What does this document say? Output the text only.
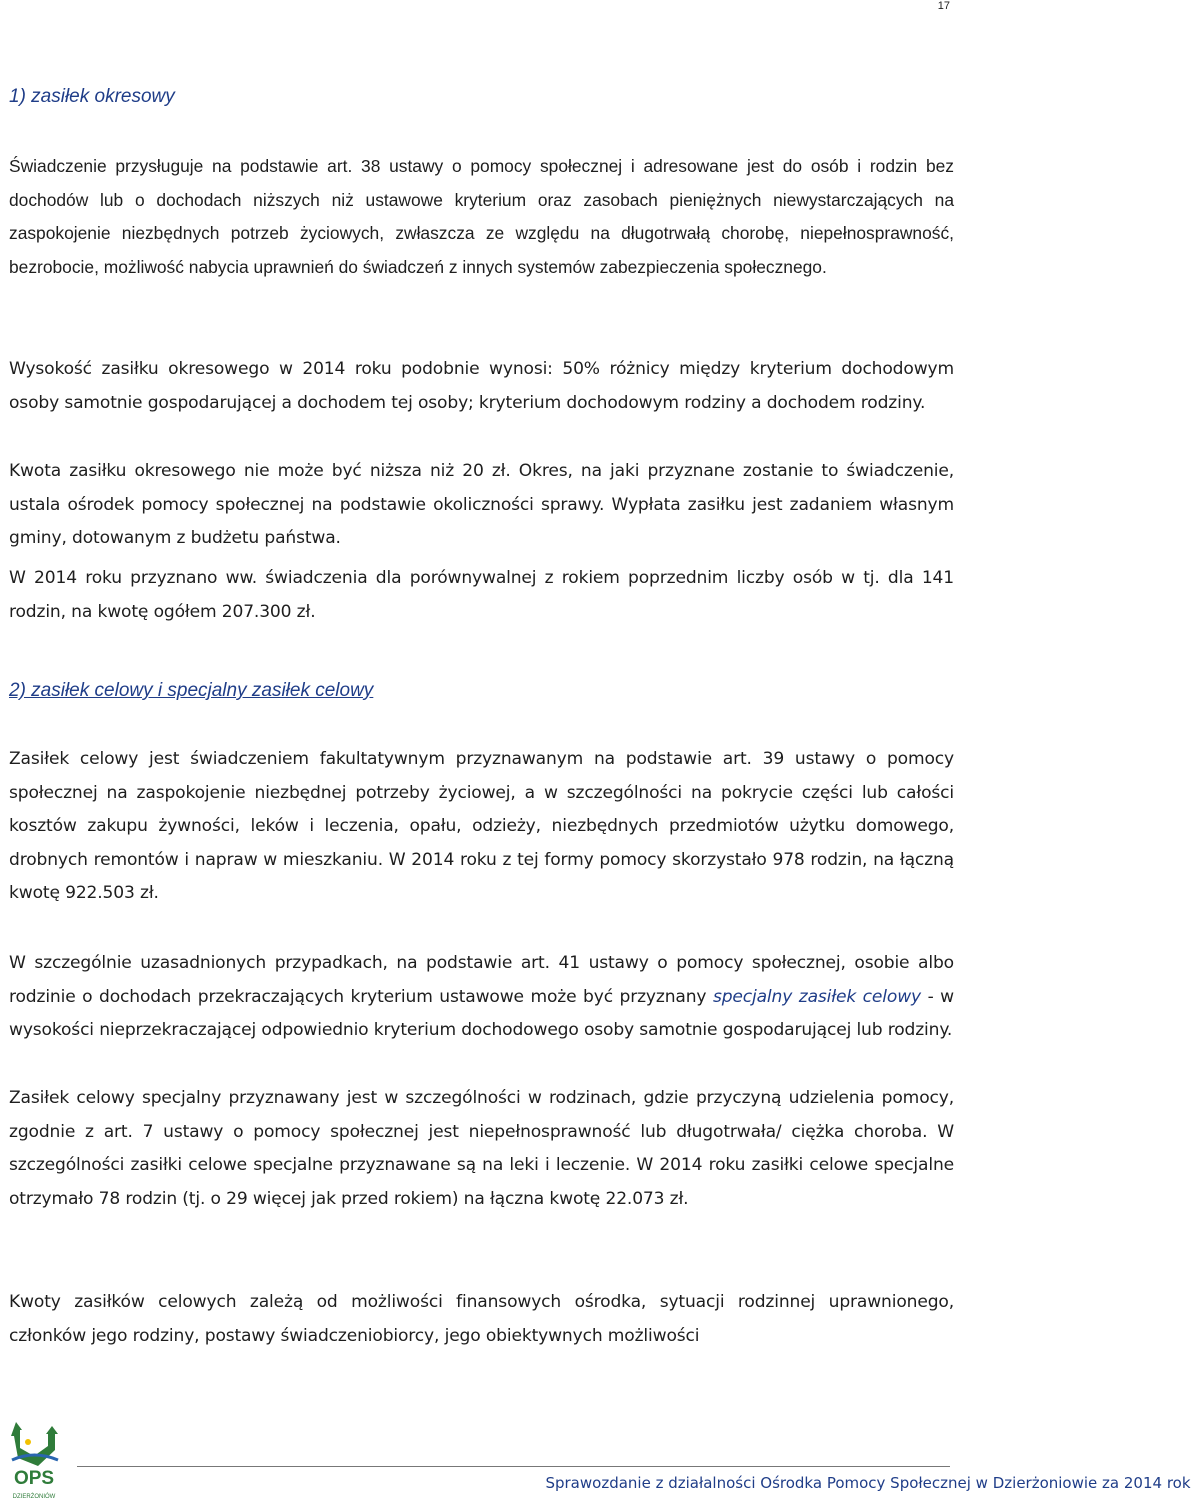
17

1) zasiłek okresowy

Świadczenie przysługuje na podstawie art. 38 ustawy o pomocy społecznej i adresowane jest do osób i rodzin bez dochodów lub o dochodach niższych niż ustawowe kryterium oraz zasobach pieniężnych niewystarczających na zaspokojenie niezbędnych potrzeb życiowych, zwłaszcza ze względu na długotrwałą chorobę, niepełnosprawność, bezrobocie, możliwość nabycia uprawnień do świadczeń z innych systemów zabezpieczenia społecznego.

Wysokość zasiłku okresowego w 2014 roku podobnie wynosi: 50% różnicy między kryterium dochodowym osoby samotnie gospodarującej a dochodem tej osoby; kryterium dochodowym rodziny a dochodem rodziny.

Kwota zasiłku okresowego nie może być niższa niż 20 zł. Okres, na jaki przyznane zostanie to świadczenie, ustala ośrodek pomocy społecznej na podstawie okoliczności sprawy. Wypłata zasiłku jest zadaniem własnym gminy, dotowanym z budżetu państwa.

W 2014 roku przyznano ww. świadczenia dla porównywalnej z rokiem poprzednim liczby osób w tj. dla 141 rodzin, na kwotę ogółem 207.300 zł.

2) zasiłek celowy i specjalny zasiłek celowy

Zasiłek celowy jest świadczeniem fakultatywnym przyznawanym na podstawie art. 39 ustawy o pomocy społecznej na zaspokojenie niezbędnej potrzeby życiowej, a w szczególności na pokrycie części lub całości kosztów zakupu żywności, leków i leczenia, opału, odzieży, niezbędnych przedmiotów użytku domowego, drobnych remontów i napraw w mieszkaniu. W 2014 roku z tej formy pomocy skorzystało 978 rodzin, na łączną kwotę 922.503 zł.

W szczególnie uzasadnionych przypadkach, na podstawie art. 41 ustawy o pomocy społecznej, osobie albo rodzinie o dochodach przekraczających kryterium ustawowe może być przyznany specjalny zasiłek celowy - w wysokości nieprzekraczającej odpowiednio kryterium dochodowego osoby samotnie gospodarującej lub rodziny.

Zasiłek celowy specjalny przyznawany jest w szczególności w rodzinach, gdzie przyczyną udzielenia pomocy, zgodnie z art. 7 ustawy o pomocy społecznej jest niepełnosprawność lub długotrwała/ ciężka choroba. W szczególności zasiłki celowe specjalne przyznawane są na leki i leczenie. W 2014 roku zasiłki celowe specjalne otrzymało 78 rodzin (tj. o 29 więcej jak przed rokiem) na łączna kwotę 22.073 zł.

Kwoty zasiłków celowych zależą od możliwości finansowych ośrodka, sytuacji rodzinnej uprawnionego, członków jego rodziny, postawy świadczeniobiorcy, jego obiektywnych możliwości

OPS
DZIERŻONIÓW
Sprawozdanie z działalności Ośrodka Pomocy Społecznej w Dzierżoniowie za 2014 rok
